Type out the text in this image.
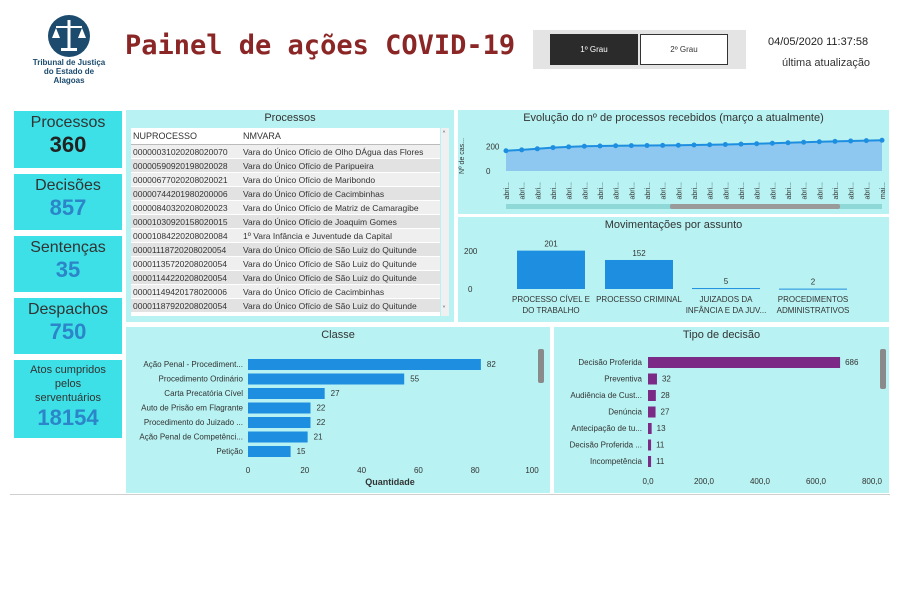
Tribunal de Justiça
do Estado de Alagoas
Painel de ações COVID-19	1º Grau	2º Grau
04/05/2020 11:37:58
última atualização
Processos
360
Decisões
857
Sentenças
35
Despachos
750
Atos cumpridos pelos serventuários
18154
Processos
NUPROCESSO	NMVARA
00000031020208020070	Vara do Único Ofício de Olho DÁgua das Flores
00000590920198020028	Vara do Único Ofício de Paripueira
00000677020208020021	Vara do Único Ofício de Maribondo
00000744201980200006	Vara do Único Ofício de Cacimbinhas
00000840320208020023	Vara do Único Ofício de Matriz de Camaragibe
00001030920158020015	Vara do Único Ofício de Joaquim Gomes
00001084220208020084	1º Vara Infância e Juventude da Capital
00001118720208020054	Vara do Único Ofício de São Luiz do Quitunde
00001135720208020054	Vara do Único Ofício de São Luiz do Quitunde
00001144220208020054	Vara do Único Ofício de São Luiz do Quitunde
00001149420178020006	Vara do Único Ofício de Cacimbinhas
00001187920208020054	Vara do Único Ofício de São Luiz do Quitunde
˄
˅
Evolução do nº de processos recebidos (março a atualmente)
Nº de cas...	200
0
abri... abri... abri... abri... abri... abri... abri... abri... abri... abri... abri... abri... abri... abri... abri... abri... abri... abri... abri... abri... abri... abri... abri... abri... mai...
Movimentações por assunto
200
0
201
PROCESSO CÍVEL E DO TRABALHO
152
PROCESSO CRIMINAL
5
JUIZADOS DA INFÂNCIA E DA JUV...
2
PROCEDIMENTOS ADMINISTRATIVOS
Classe
Ação Penal - Procediment...	82
Procedimento Ordinário	55
Carta Precatória Cível	27
Auto de Prisão em Flagrante	22
Procedimento do Juizado ...	22
Ação Penal de Competênci...	21
Petição	15
0	20	40	60	80	100
Quantidade
Tipo de decisão
Decisão Proferida	686
Preventiva 32
Audiência de Cust... 28
Denúncia 27
Antecipação de tu... 13
Decisão Proferida ... 11
Incompetência 11
0,0	200,0	400,0	600,0	800,0
